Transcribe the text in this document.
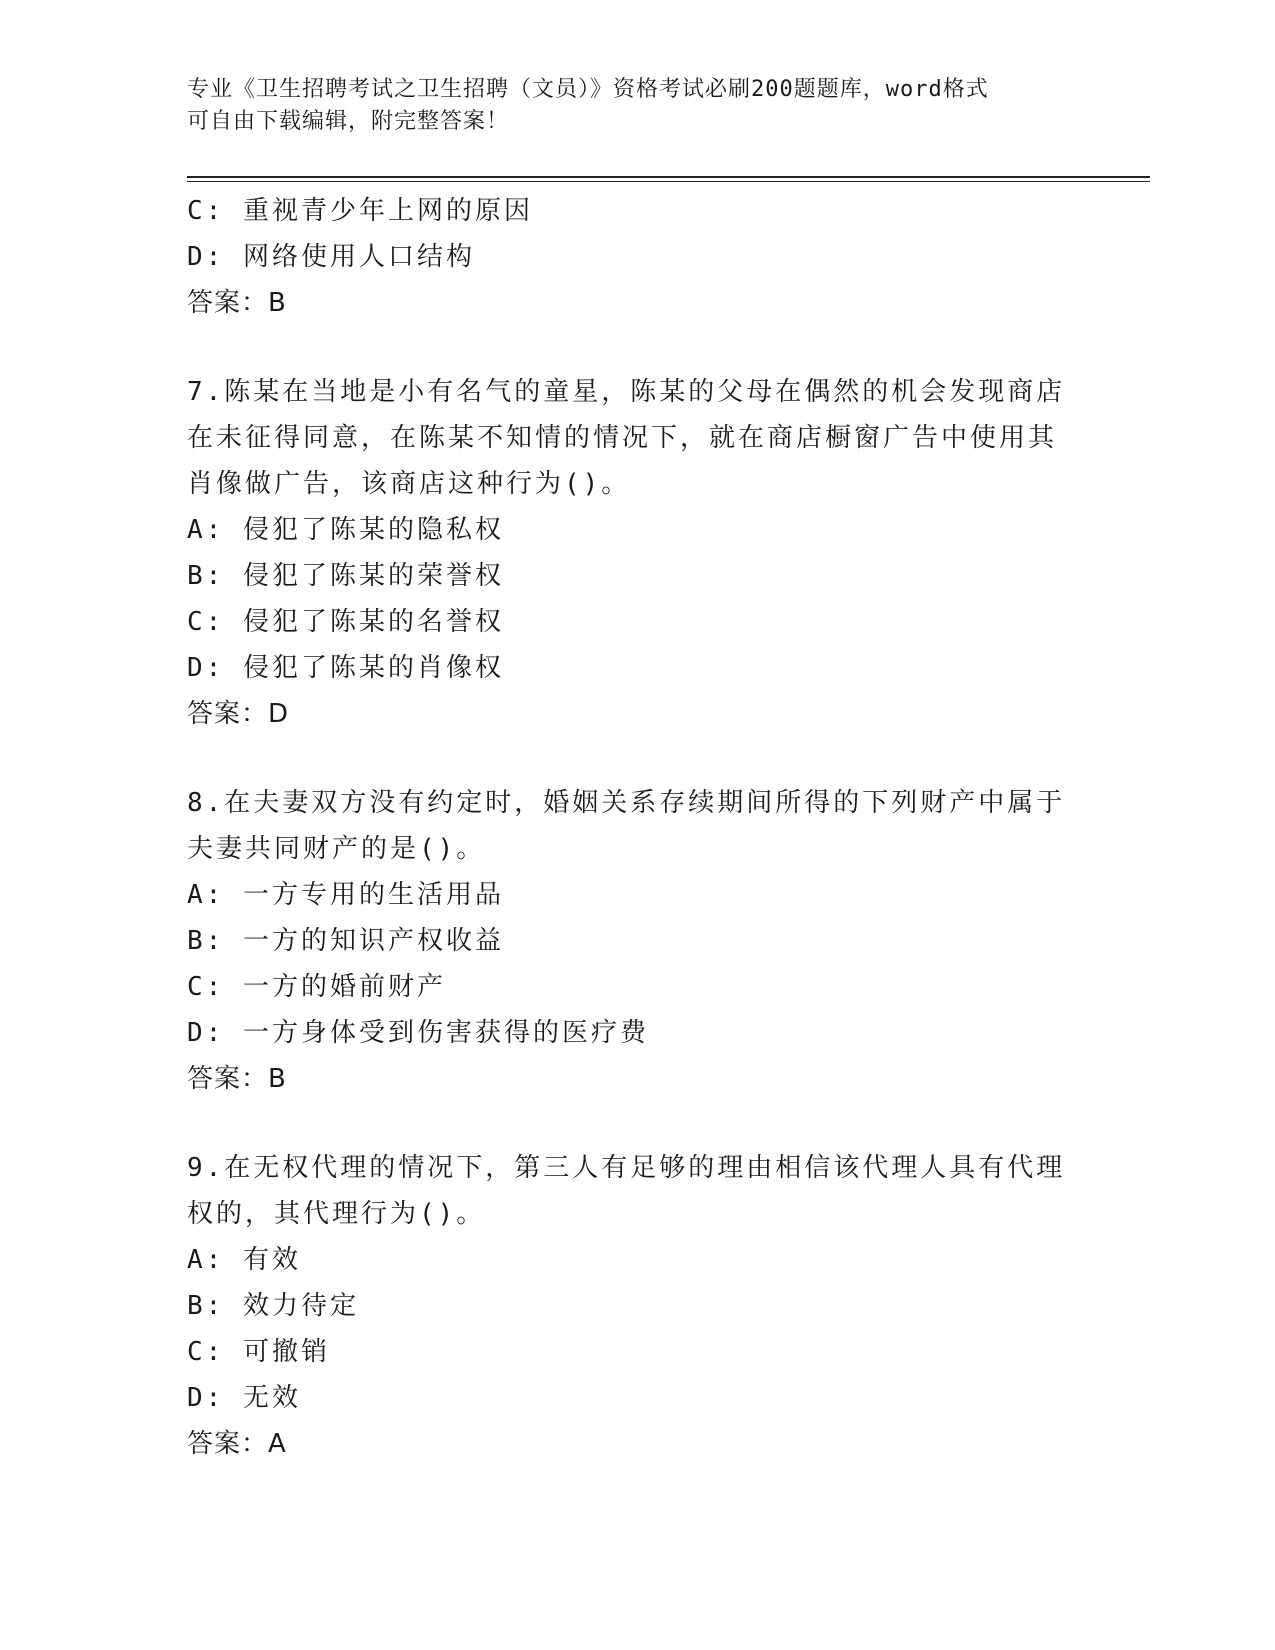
专业《卫生招聘考试之卫生招聘（文员）》资格考试必刷200题题库，word格式
可自由下载编辑，附完整答案！
C: 重视青少年上网的原因
D: 网络使用人口结构
答案：B
7.陈某在当地是小有名气的童星，陈某的父母在偶然的机会发现商店
在未征得同意，在陈某不知情的情况下，就在商店橱窗广告中使用其
肖像做广告，该商店这种行为()。
A: 侵犯了陈某的隐私权
B: 侵犯了陈某的荣誉权
C: 侵犯了陈某的名誉权
D: 侵犯了陈某的肖像权
答案：D
8.在夫妻双方没有约定时，婚姻关系存续期间所得的下列财产中属于
夫妻共同财产的是()。
A: 一方专用的生活用品
B: 一方的知识产权收益
C: 一方的婚前财产
D: 一方身体受到伤害获得的医疗费
答案：B
9.在无权代理的情况下，第三人有足够的理由相信该代理人具有代理
权的，其代理行为()。
A: 有效
B: 效力待定
C: 可撤销
D: 无效
答案：A
